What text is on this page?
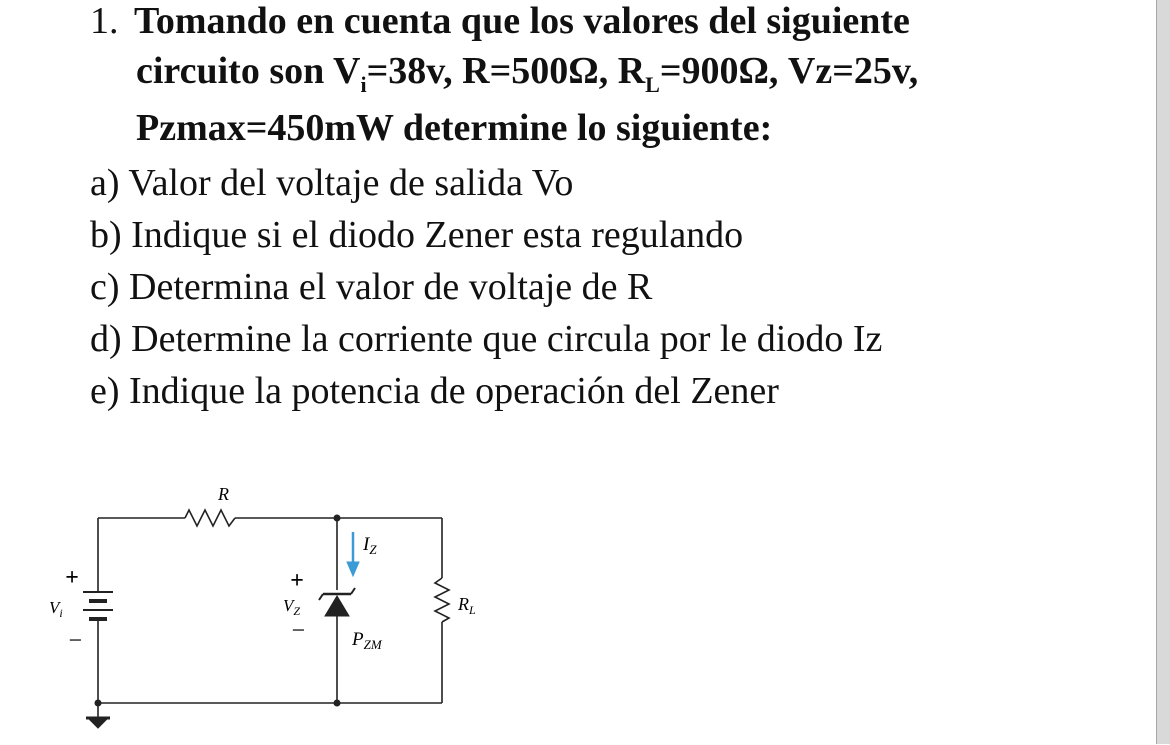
1. Tomando en cuenta que los valores del siguiente
circuito son $V_i=38v$, R=500Ω, $R_L=900\Omega$, Vz=25v,
Pzmax=450mW determine lo siguiente:
a) Valor del voltaje de salida Vo
b) Indique si el diodo Zener esta regulando
c) Determina el valor de voltaje de R
d) Determine la corriente que circula por le diodo Iz
e) Indique la potencia de operación del Zener
R
$I_Z$
+
$V_i$
−
+
$V_Z$
− $P_{ZM}$
$R_L$
